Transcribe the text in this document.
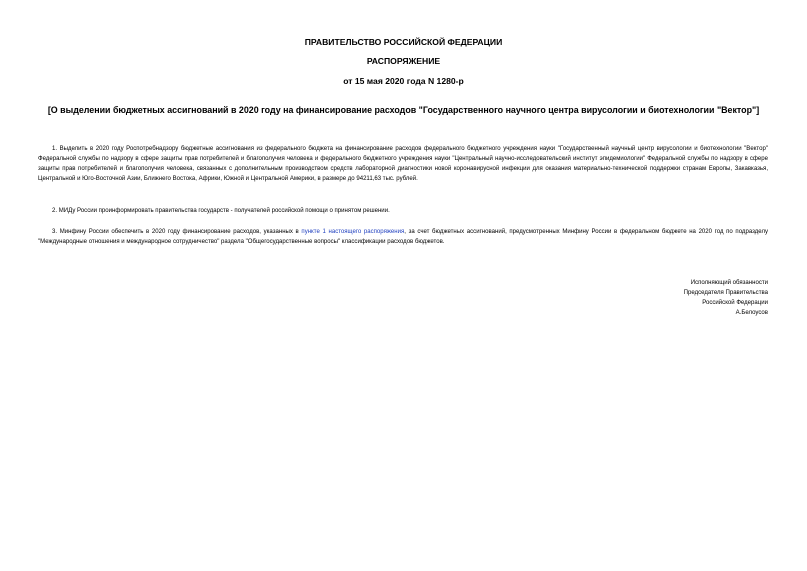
ПРАВИТЕЛЬСТВО РОССИЙСКОЙ ФЕДЕРАЦИИ
РАСПОРЯЖЕНИЕ
от 15 мая 2020 года N 1280-р
[О выделении бюджетных ассигнований в 2020 году на финансирование расходов "Государственного научного центра вирусологии и биотехнологии "Вектор"]

1. Выделить в 2020 году Роспотребнадзору бюджетные ассигнования из федерального бюджета на финансирование расходов федерального бюджетного учреждения науки "Государственный научный центр вирусологии и биотехнологии "Вектор" Федеральной службы по надзору в сфере защиты прав потребителей и благополучия человека и федерального бюджетного учреждения науки "Центральный научно-исследовательский институт эпидемиологии" Федеральной службы по надзору в сфере защиты прав потребителей и благополучия человека, связанных с дополнительным производством средств лабораторной диагностики новой коронавирусной инфекции для оказания материально-технической поддержки странам Европы, Закавказья, Центральной и Юго-Восточной Азии, Ближнего Востока, Африки, Южной и Центральной Америки, в размере до 94211,63 тыс. рублей.

2. МИДу России проинформировать правительства государств - получателей российской помощи о принятом решении.

3. Минфину России обеспечить в 2020 году финансирование расходов, указанных в пункте 1 настоящего распоряжения, за счет бюджетных ассигнований, предусмотренных Минфину России в федеральном бюджете на 2020 год по подразделу "Международные отношения и международное сотрудничество" раздела "Общегосударственные вопросы" классификации расходов бюджетов.

Исполняющий обязанности
Председателя Правительства
Российской Федерации
А.Белоусов
